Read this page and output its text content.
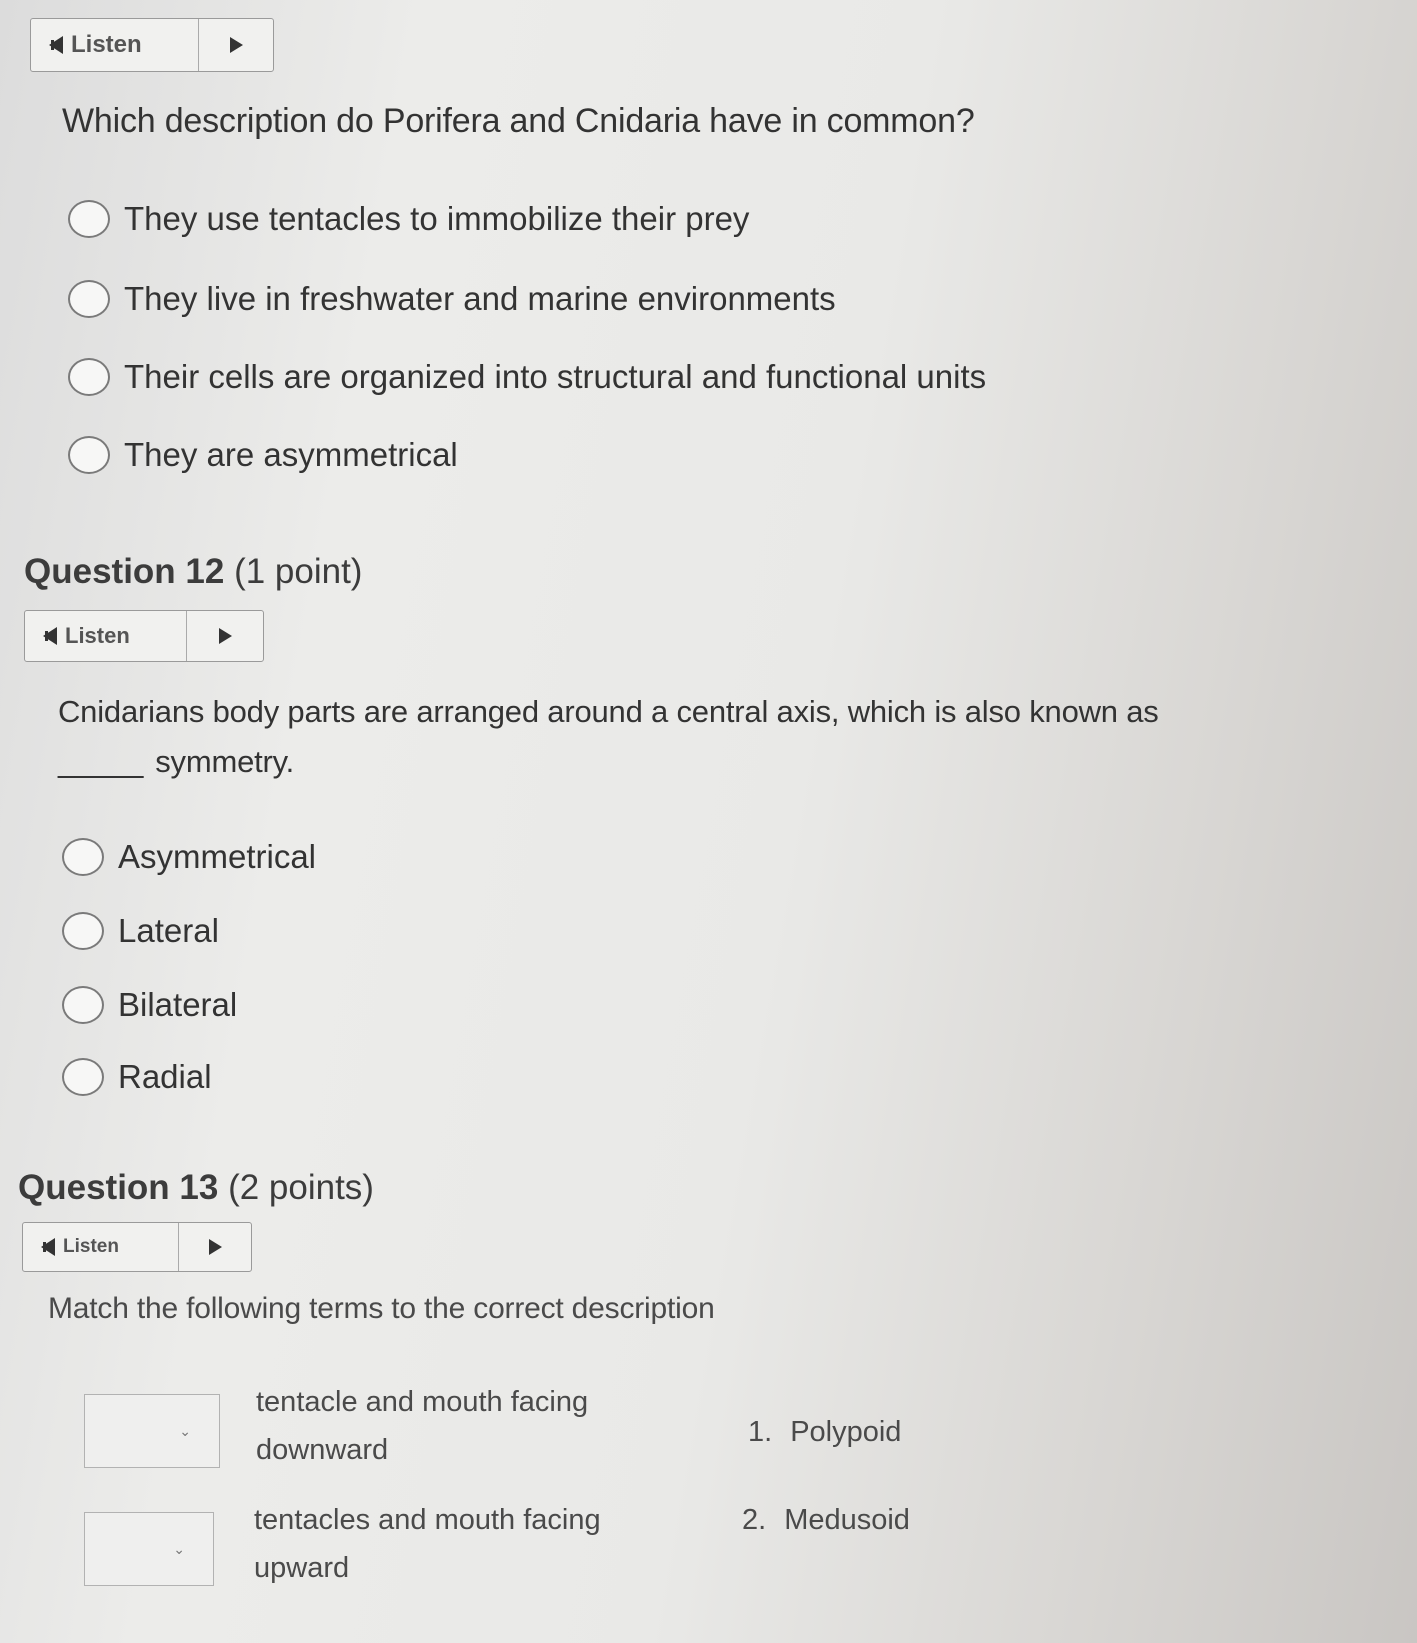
Listen
Which description do Porifera and Cnidaria have in common?
They use tentacles to immobilize their prey
They live in freshwater and marine environments
Their cells are organized into structural and functional units
They are asymmetrical
Question 12 (1 point)
Listen
Cnidarians body parts are arranged around a central axis, which is also known as
_____ symmetry.
Asymmetrical
Lateral
Bilateral
Radial
Question 13 (2 points)
Listen
Match the following terms to the correct description
⌄
tentacle and mouth facing
downward
1. Polypoid
⌄
tentacles and mouth facing
upward
2. Medusoid
